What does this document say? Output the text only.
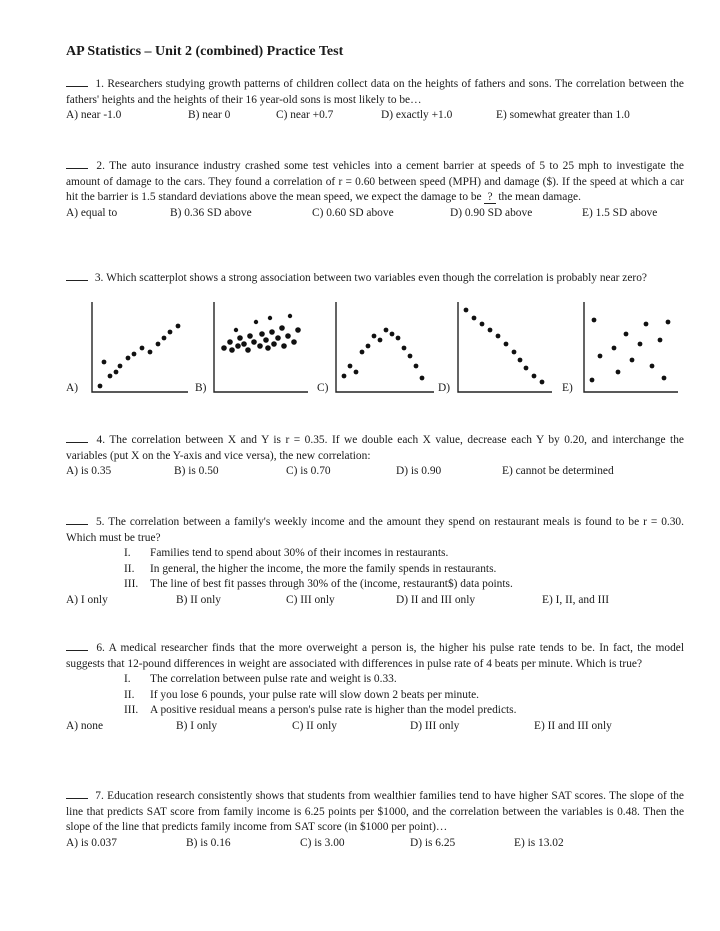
AP Statistics – Unit 2 (combined) Practice Test
1. Researchers studying growth patterns of children collect data on the heights of fathers and sons. The correlation between the fathers' heights and the heights of their 16 year-old sons is most likely to be…
A) near -1.0	B) near 0	C) near +0.7	D) exactly +1.0	E) somewhat greater than 1.0
2. The auto insurance industry crashed some test vehicles into a cement barrier at speeds of 5 to 25 mph to investigate the amount of damage to the cars. They found a correlation of r = 0.60 between speed (MPH) and damage ($). If the speed at which a car hit the barrier is 1.5 standard deviations above the mean speed, we expect the damage to be ? the mean damage.
A) equal to	B) 0.36 SD above	C) 0.60 SD above	D) 0.90 SD above	E) 1.5 SD above
3. Which scatterplot shows a strong association between two variables even though the correlation is probably near zero?
A)	B)	C)	D)	E)
4. The correlation between X and Y is r = 0.35. If we double each X value, decrease each Y by 0.20, and interchange the variables (put X on the Y-axis and vice versa), the new correlation:
A) is 0.35	B) is 0.50	C) is 0.70	D) is 0.90	E) cannot be determined
5. The correlation between a family's weekly income and the amount they spend on restaurant meals is found to be r = 0.30. Which must be true?
I. Families tend to spend about 30% of their incomes in restaurants.
II. In general, the higher the income, the more the family spends in restaurants.
III. The line of best fit passes through 30% of the (income, restaurant$) data points.
A) I only	B) II only	C) III only	D) II and III only	E) I, II, and III
6. A medical researcher finds that the more overweight a person is, the higher his pulse rate tends to be. In fact, the model suggests that 12-pound differences in weight are associated with differences in pulse rate of 4 beats per minute. Which is true?
I. The correlation between pulse rate and weight is 0.33.
II. If you lose 6 pounds, your pulse rate will slow down 2 beats per minute.
III. A positive residual means a person's pulse rate is higher than the model predicts.
A) none	B) I only	C) II only	D) III only	E) II and III only
7. Education research consistently shows that students from wealthier families tend to have higher SAT scores. The slope of the line that predicts SAT score from family income is 6.25 points per $1000, and the correlation between the variables is 0.48. Then the slope of the line that predicts family income from SAT score (in $1000 per point)…
A) is 0.037	B) is 0.16	C) is 3.00	D) is 6.25	E) is 13.02
